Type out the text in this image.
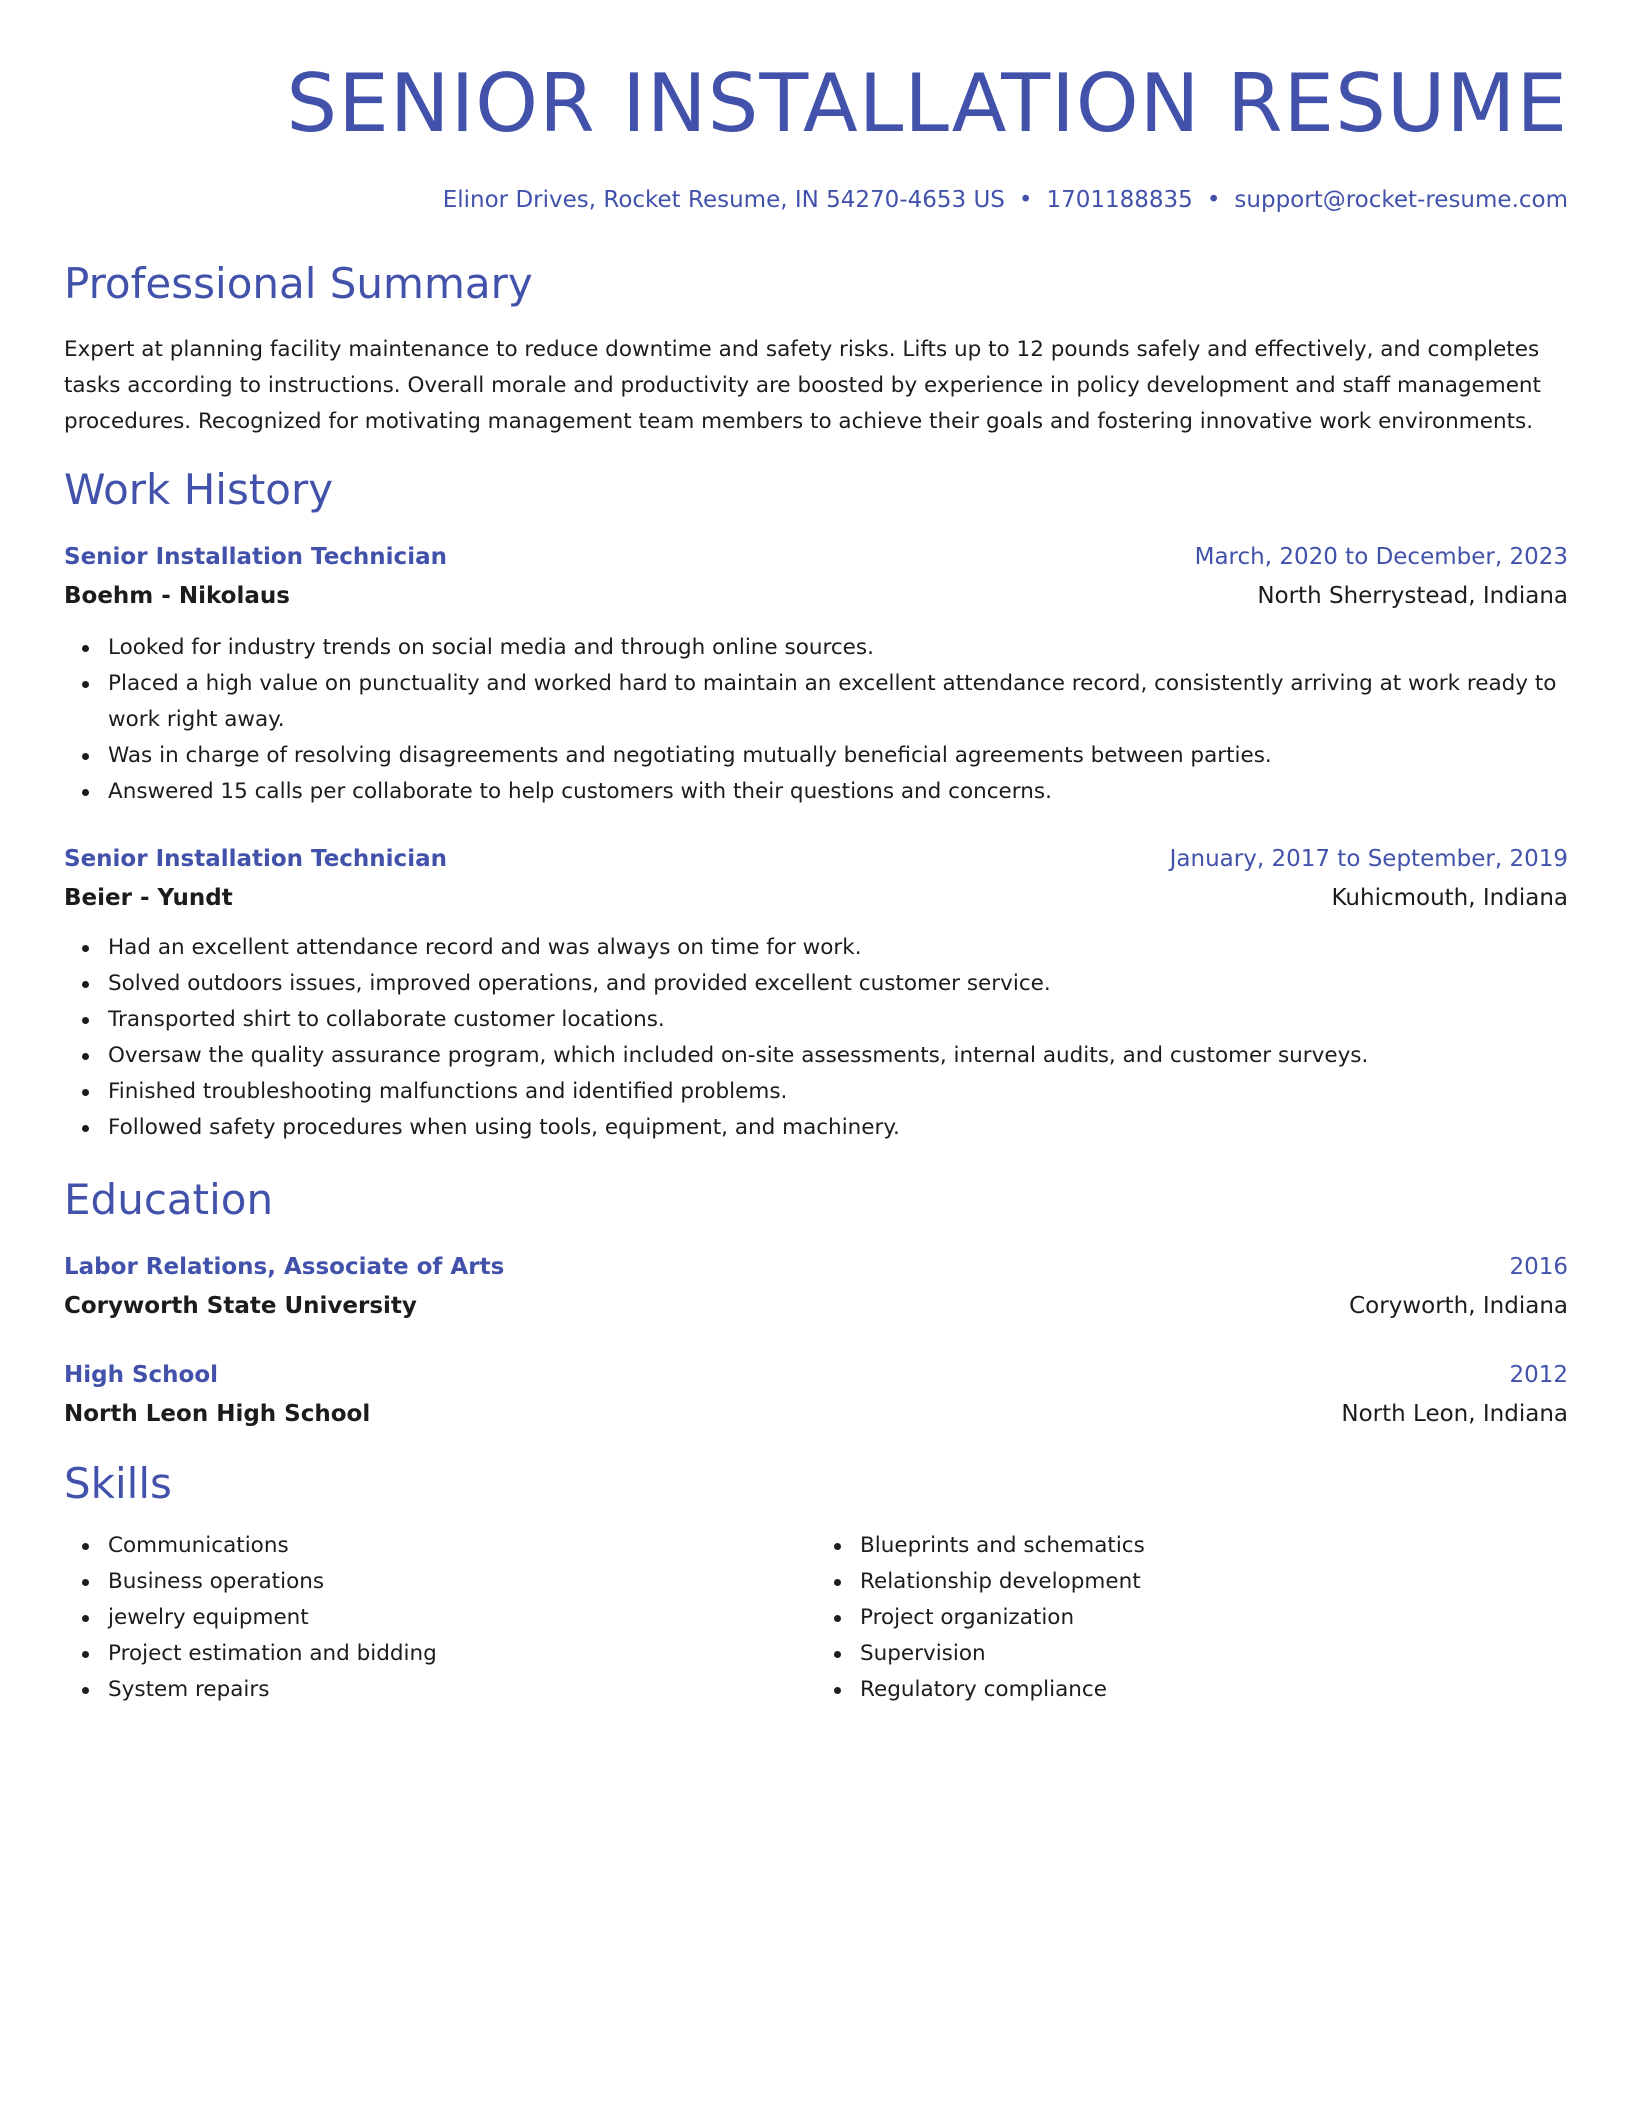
SENIOR INSTALLATION RESUME
Elinor Drives, Rocket Resume, IN 54270-4653 US • 1701188835 • support@rocket-resume.com
Professional Summary

Expert at planning facility maintenance to reduce downtime and safety risks. Lifts up to 12 pounds safely and effectively, and completes tasks according to instructions. Overall morale and productivity are boosted by experience in policy development and staff management procedures. Recognized for motivating management team members to achieve their goals and fostering innovative work environments.

Work History
Senior Installation Technician	March, 2020 to December, 2023
Boehm - Nikolaus	North Sherrystead, Indiana
Looked for industry trends on social media and through online sources.
Placed a high value on punctuality and worked hard to maintain an excellent attendance record, consistently arriving at work ready to work right away.
Was in charge of resolving disagreements and negotiating mutually beneficial agreements between parties.
Answered 15 calls per collaborate to help customers with their questions and concerns.
Senior Installation Technician	January, 2017 to September, 2019
Beier - Yundt	Kuhicmouth, Indiana
Had an excellent attendance record and was always on time for work.
Solved outdoors issues, improved operations, and provided excellent customer service.
Transported shirt to collaborate customer locations.
Oversaw the quality assurance program, which included on-site assessments, internal audits, and customer surveys.
Finished troubleshooting malfunctions and identified problems.
Followed safety procedures when using tools, equipment, and machinery.
Education
Labor Relations, Associate of Arts	2016
Coryworth State University	Coryworth, Indiana
High School	2012
North Leon High School	North Leon, Indiana
Skills
Communications
Business operations
jewelry equipment
Project estimation and bidding
System repairs
Blueprints and schematics
Relationship development
Project organization
Supervision
Regulatory compliance
